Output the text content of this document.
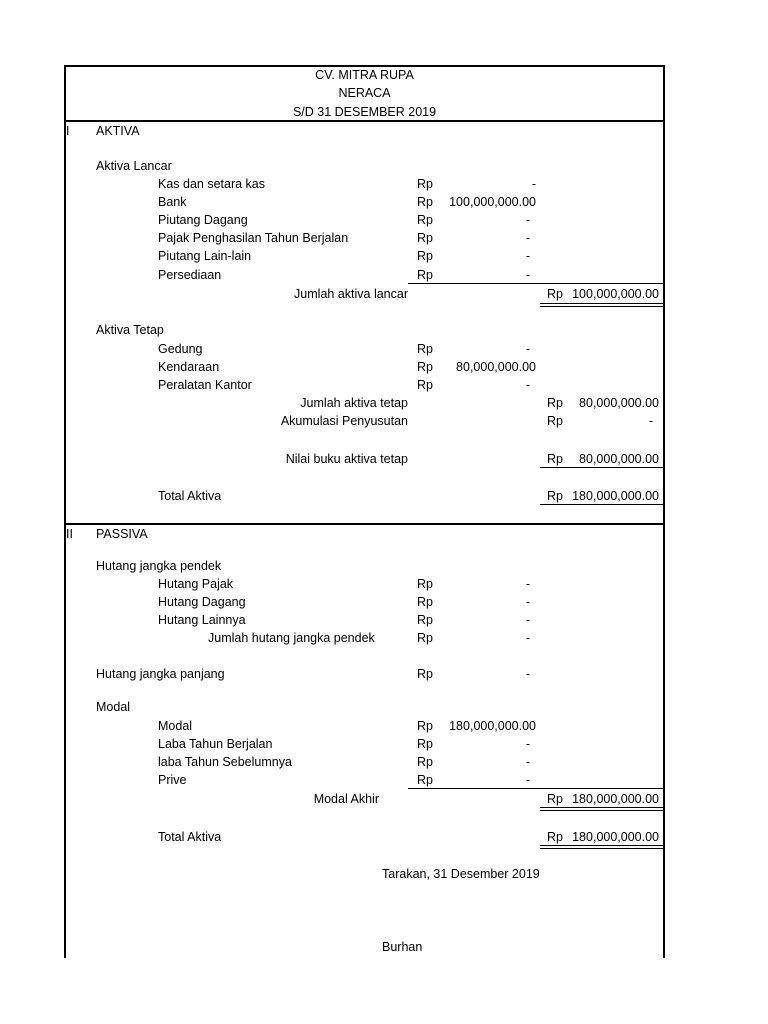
CV. MITRA RUPA
NERACA
S/D 31 DESEMBER 2019
I AKTIVA
Aktiva Lancar
Kas dan setara kas	Rp	-
Bank	Rp	100,000,000.00
Piutang Dagang	Rp	-
Pajak Penghasilan Tahun Berjalan	Rp	-
Piutang Lain-lain	Rp	-
Persediaan	Rp	-
Jumlah aktiva lancar	Rp 100,000,000.00
Aktiva Tetap
Gedung	Rp	-
Kendaraan	Rp	80,000,000.00
Peralatan Kantor	Rp	-
Jumlah aktiva tetap	Rp	80,000,000.00
Akumulasi Penyusutan	Rp	-
Nilai buku aktiva tetap	Rp	80,000,000.00
Total Aktiva	Rp 180,000,000.00
II PASSIVA
Hutang jangka pendek
Hutang Pajak	Rp	-
Hutang Dagang	Rp	-
Hutang Lainnya	Rp	-
Jumlah hutang jangka pendek	Rp	-
Hutang jangka panjang	Rp	-
Modal
Modal	Rp	180,000,000.00
Laba Tahun Berjalan	Rp	-
laba Tahun Sebelumnya	Rp	-
Prive	Rp	-
Modal Akhir	Rp 180,000,000.00
Total Aktiva	Rp 180,000,000.00
Tarakan, 31 Desember 2019
Burhan
